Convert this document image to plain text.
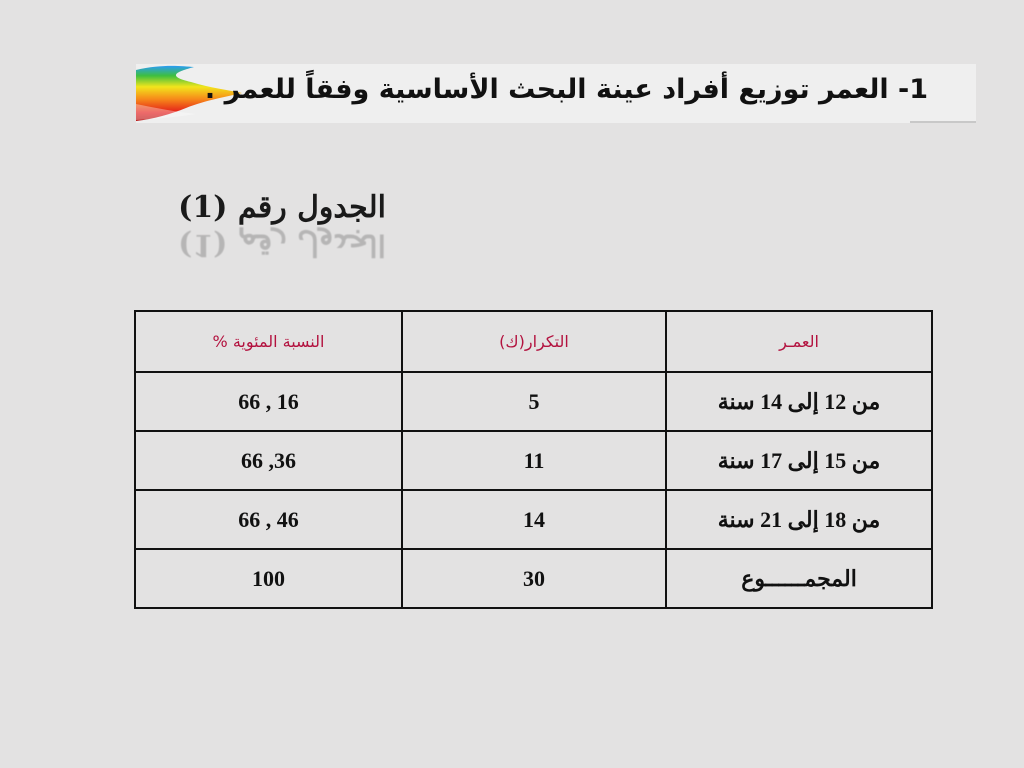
1- العمر توزيع أفراد عينة البحث الأساسية وفقاً للعمر .
الجدول رقم (1)
الجدول رقم (1)
العمـر	التكرار(ك)	النسبة المئوية %
من 12 إلى 14 سنة	5	16 , 66
من 15 إلى 17 سنة	11	36, 66
من 18 إلى 21 سنة	14	46 , 66
المجمــــــوع	30	100
